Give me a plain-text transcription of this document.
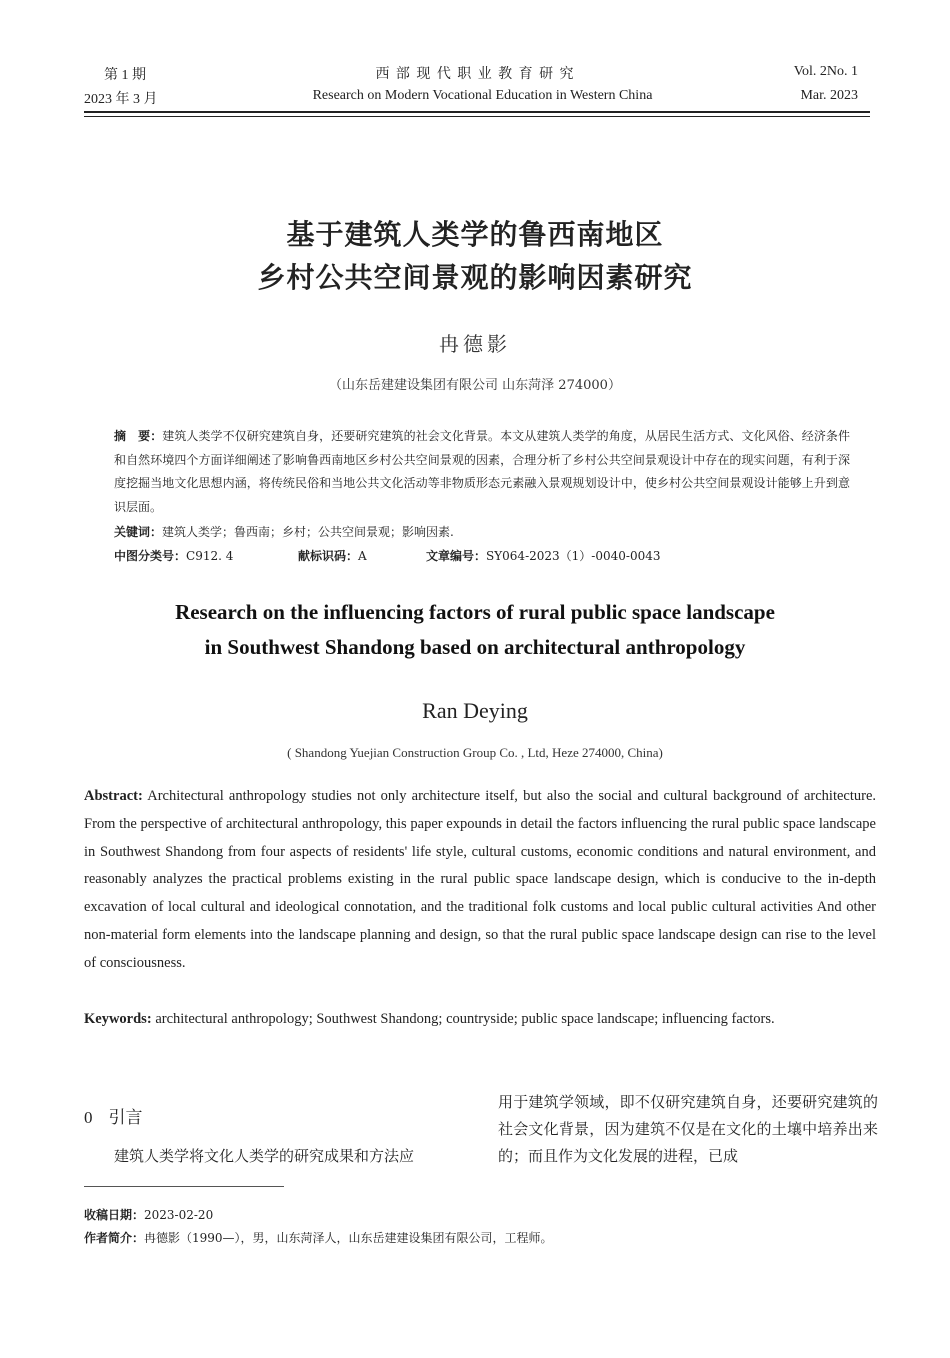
第 1 期
2023 年 3 月
西 部 现 代 职 业 教 育 研 究
Research on Modern Vocational Education in Western China
Vol. 2No. 1
Mar. 2023
基于建筑人类学的鲁西南地区
乡村公共空间景观的影响因素研究
冉德影
（山东岳建建设集团有限公司 山东菏泽 274000）
摘　要：建筑人类学不仅研究建筑自身，还要研究建筑的社会文化背景。本文从建筑人类学的角度，从居民生活方式、文化风俗、经济条件和自然环境四个方面详细阐述了影响鲁西南地区乡村公共空间景观的因素，合理分析了乡村公共空间景观设计中存在的现实问题，有利于深度挖掘当地文化思想内涵，将传统民俗和当地公共文化活动等非物质形态元素融入景观规划设计中，使乡村公共空间景观设计能够上升到意识层面。
关键词：建筑人类学；鲁西南；乡村；公共空间景观；影响因素.
中图分类号：C912. 4	献标识码：A	文章编号：SY064-2023（1）-0040-0043
Research on the influencing factors of rural public space landscape
in Southwest Shandong based on architectural anthropology
Ran Deying
( Shandong Yuejian Construction Group Co. , Ltd, Heze 274000, China)
Abstract: Architectural anthropology studies not only architecture itself, but also the social and cultural background of architecture. From the perspective of architectural anthropology, this paper expounds in detail the factors influencing the rural public space landscape in Southwest Shandong from four aspects of residents' life style, cultural customs, economic conditions and natural environment, and reasonably analyzes the practical problems existing in the rural public space landscape design, which is conducive to the in-depth excavation of local cultural and ideological connotation, and the traditional folk customs and local public cultural activities And other non-material form elements into the landscape planning and design, so that the rural public space landscape design can rise to the level of consciousness.
Keywords: architectural anthropology; Southwest Shandong; countryside; public space landscape; influencing factors.
0 引言
建筑人类学将文化人类学的研究成果和方法应
用于建筑学领域，即不仅研究建筑自身，还要研究建筑的社会文化背景，因为建筑不仅是在文化的土壤中培养出来的；而且作为文化发展的进程，已成
收稿日期：2023-02-20
作者简介：冉德影（1990—），男，山东菏泽人，山东岳建建设集团有限公司，工程师。
